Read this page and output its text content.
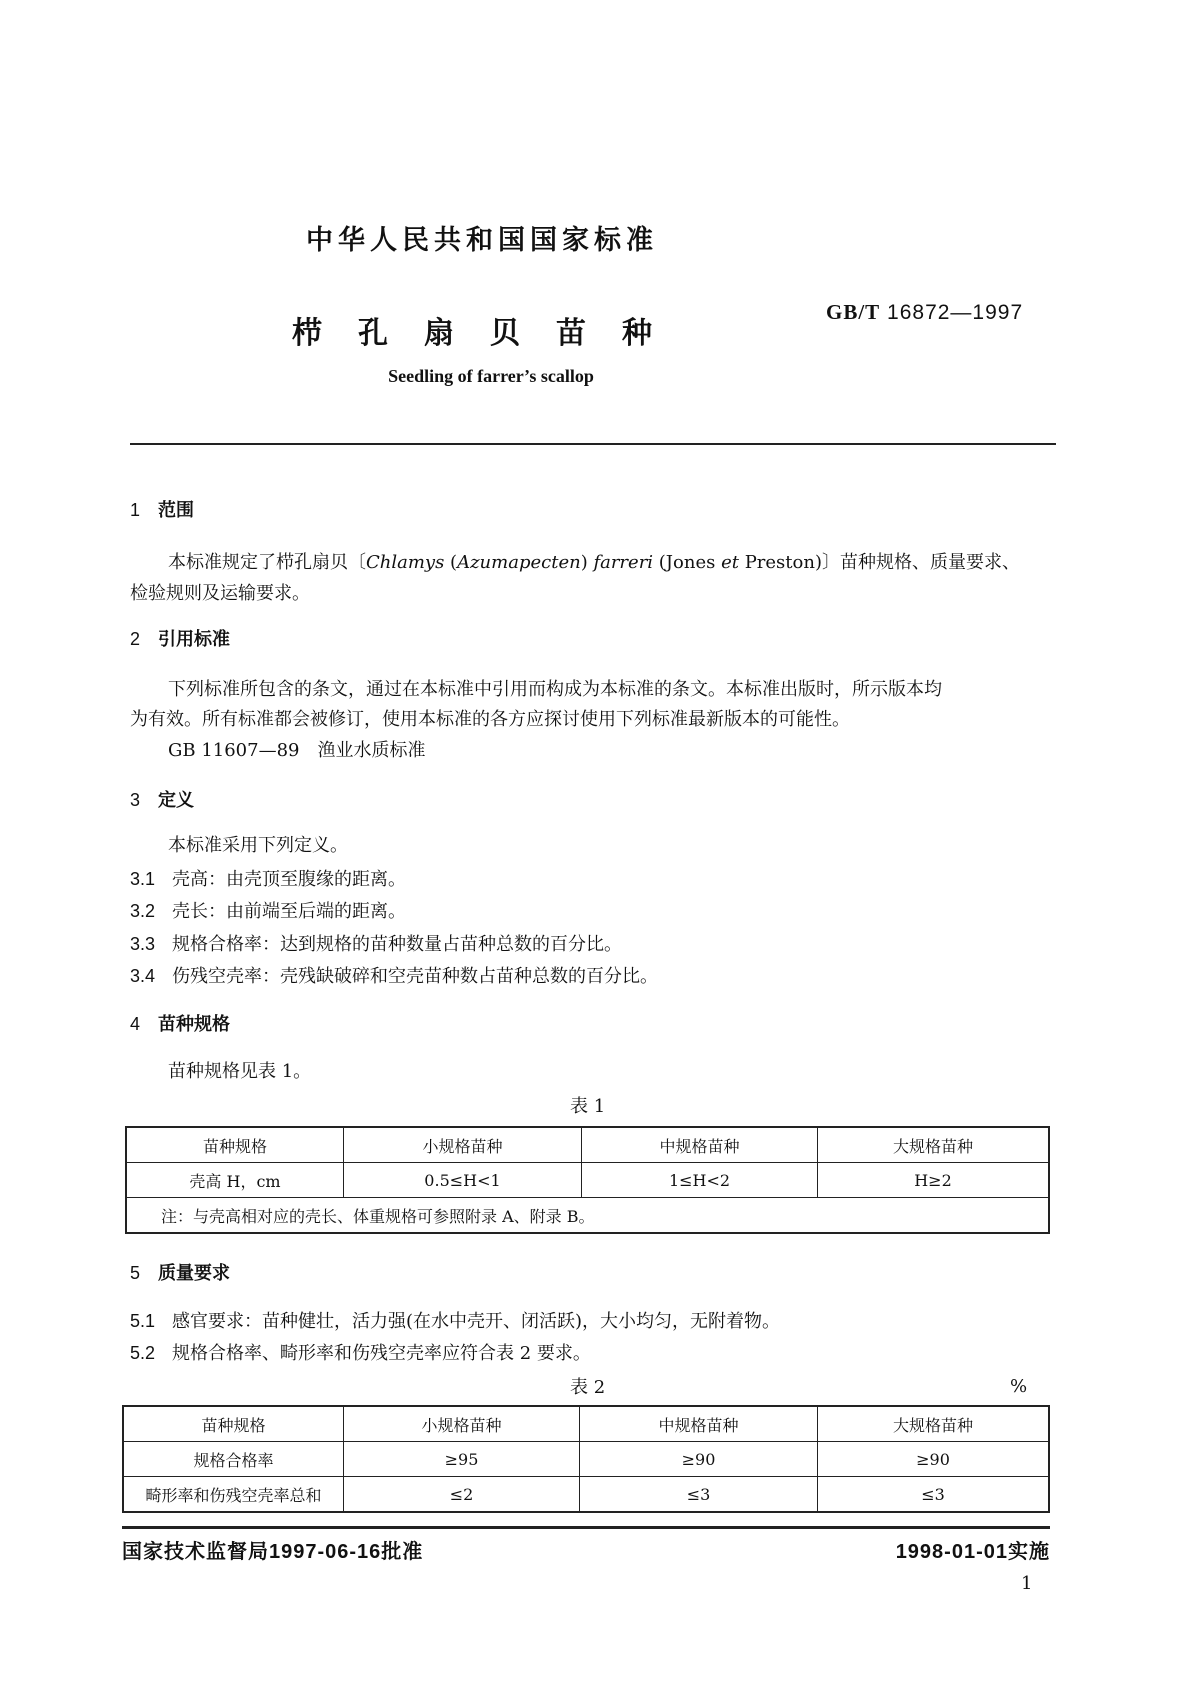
中华人民共和国国家标准
栉孔扇贝苗种
GB/T 16872—1997
Seedling of farrer’s scallop
1 范围
本标准规定了栉孔扇贝〔Chlamys (Azumapecten) farreri (Jones et Preston)〕苗种规格、质量要求、
检验规则及运输要求。
2 引用标准
下列标准所包含的条文，通过在本标准中引用而构成为本标准的条文。本标准出版时，所示版本均
为有效。所有标准都会被修订，使用本标准的各方应探讨使用下列标准最新版本的可能性。
GB 11607—89　渔业水质标准
3 定义
本标准采用下列定义。
3.1 壳高：由壳顶至腹缘的距离。
3.2 壳长：由前端至后端的距离。
3.3 规格合格率：达到规格的苗种数量占苗种总数的百分比。
3.4 伤残空壳率：壳残缺破碎和空壳苗种数占苗种总数的百分比。
4 苗种规格
苗种规格见表 1。
表 1
苗种规格	小规格苗种	中规格苗种	大规格苗种
壳高 H，cm	0.5≤H<1	1≤H<2	H≥2
注：与壳高相对应的壳长、体重规格可参照附录 A、附录 B。			
5 质量要求
5.1 感官要求：苗种健壮，活力强(在水中壳开、闭活跃)，大小均匀，无附着物。
5.2 规格合格率、畸形率和伤残空壳率应符合表 2 要求。
表 2	%
苗种规格	小规格苗种	中规格苗种	大规格苗种
规格合格率	≥95	≥90	≥90
畸形率和伤残空壳率总和	≤2	≤3	≤3
国家技术监督局1997-06-16批准	1998-01-01实施
1
